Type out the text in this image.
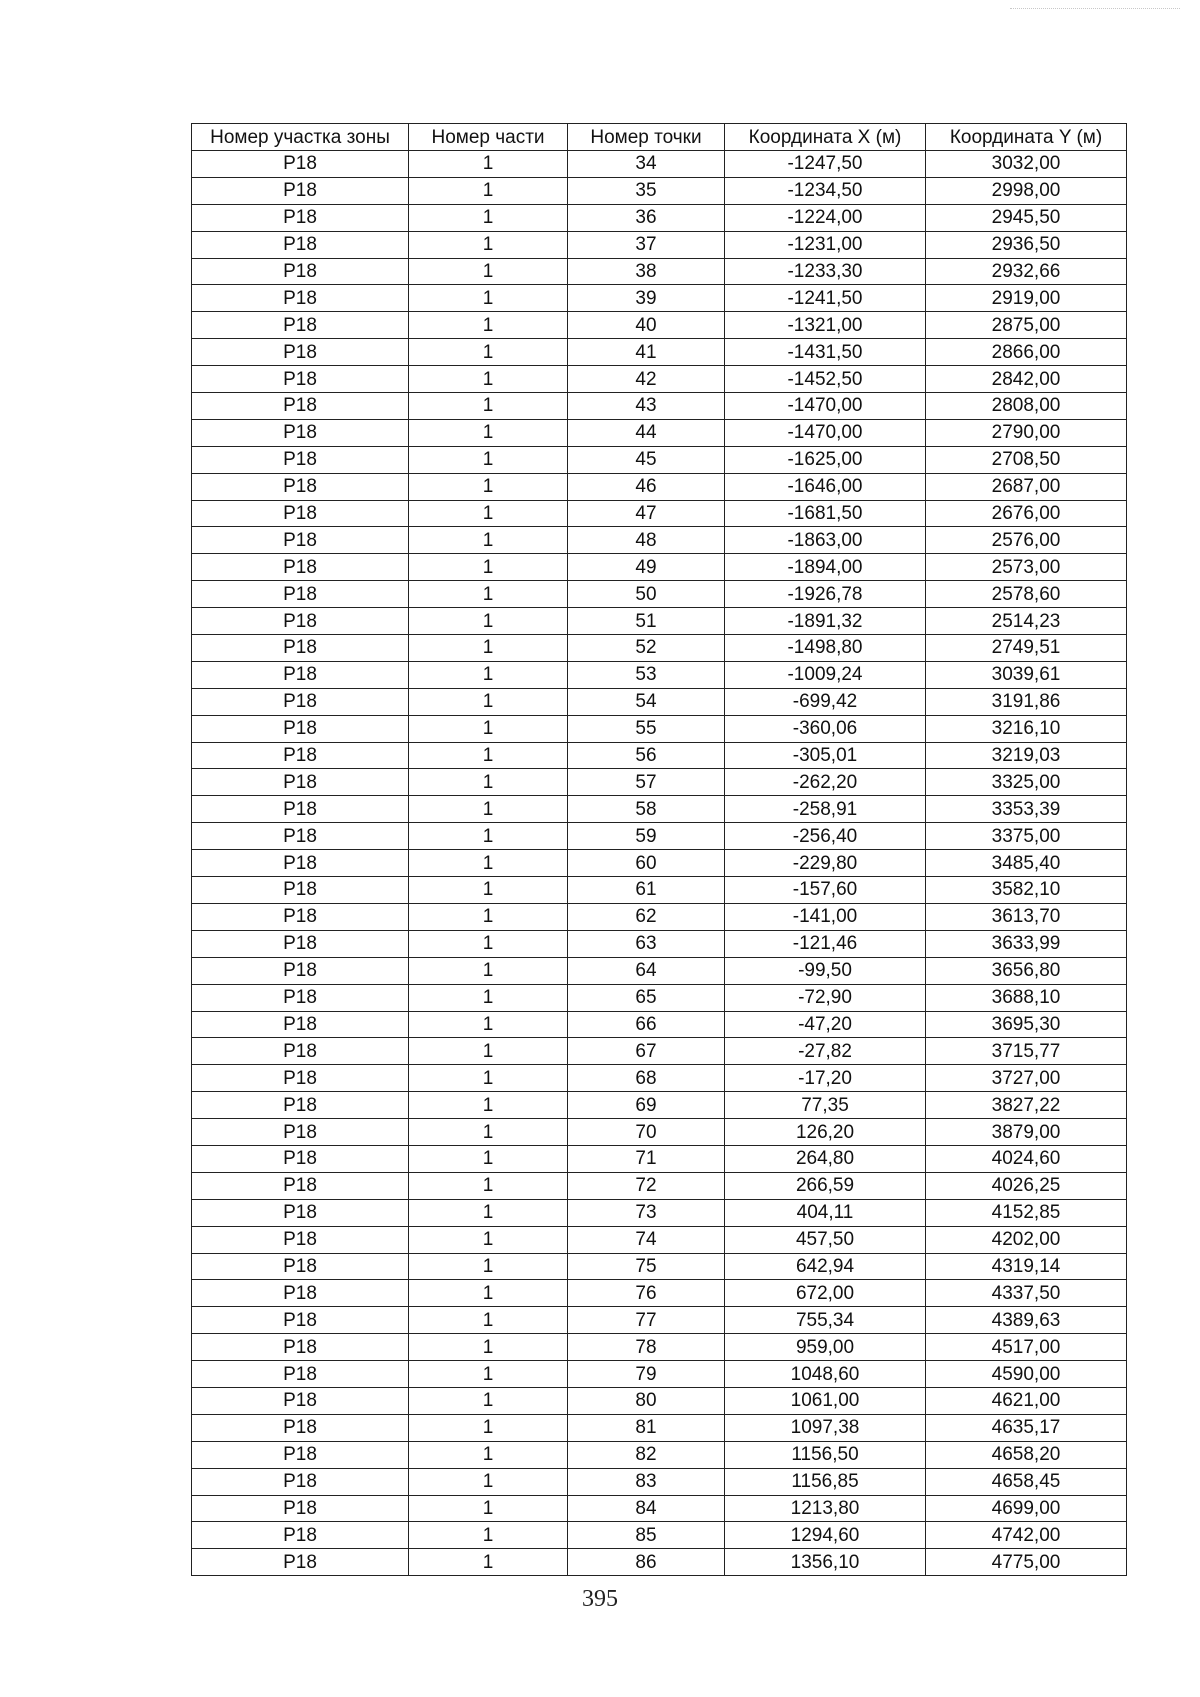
Номер участка зоны	Номер части	Номер точки	Координата X (м)	Координата Y (м)
P18	1	34	-1247,50	3032,00
P18	1	35	-1234,50	2998,00
P18	1	36	-1224,00	2945,50
P18	1	37	-1231,00	2936,50
P18	1	38	-1233,30	2932,66
P18	1	39	-1241,50	2919,00
P18	1	40	-1321,00	2875,00
P18	1	41	-1431,50	2866,00
P18	1	42	-1452,50	2842,00
P18	1	43	-1470,00	2808,00
P18	1	44	-1470,00	2790,00
P18	1	45	-1625,00	2708,50
P18	1	46	-1646,00	2687,00
P18	1	47	-1681,50	2676,00
P18	1	48	-1863,00	2576,00
P18	1	49	-1894,00	2573,00
P18	1	50	-1926,78	2578,60
P18	1	51	-1891,32	2514,23
P18	1	52	-1498,80	2749,51
P18	1	53	-1009,24	3039,61
P18	1	54	-699,42	3191,86
P18	1	55	-360,06	3216,10
P18	1	56	-305,01	3219,03
P18	1	57	-262,20	3325,00
P18	1	58	-258,91	3353,39
P18	1	59	-256,40	3375,00
P18	1	60	-229,80	3485,40
P18	1	61	-157,60	3582,10
P18	1	62	-141,00	3613,70
P18	1	63	-121,46	3633,99
P18	1	64	-99,50	3656,80
P18	1	65	-72,90	3688,10
P18	1	66	-47,20	3695,30
P18	1	67	-27,82	3715,77
P18	1	68	-17,20	3727,00
P18	1	69	77,35	3827,22
P18	1	70	126,20	3879,00
P18	1	71	264,80	4024,60
P18	1	72	266,59	4026,25
P18	1	73	404,11	4152,85
P18	1	74	457,50	4202,00
P18	1	75	642,94	4319,14
P18	1	76	672,00	4337,50
P18	1	77	755,34	4389,63
P18	1	78	959,00	4517,00
P18	1	79	1048,60	4590,00
P18	1	80	1061,00	4621,00
P18	1	81	1097,38	4635,17
P18	1	82	1156,50	4658,20
P18	1	83	1156,85	4658,45
P18	1	84	1213,80	4699,00
P18	1	85	1294,60	4742,00
P18	1	86	1356,10	4775,00
395
